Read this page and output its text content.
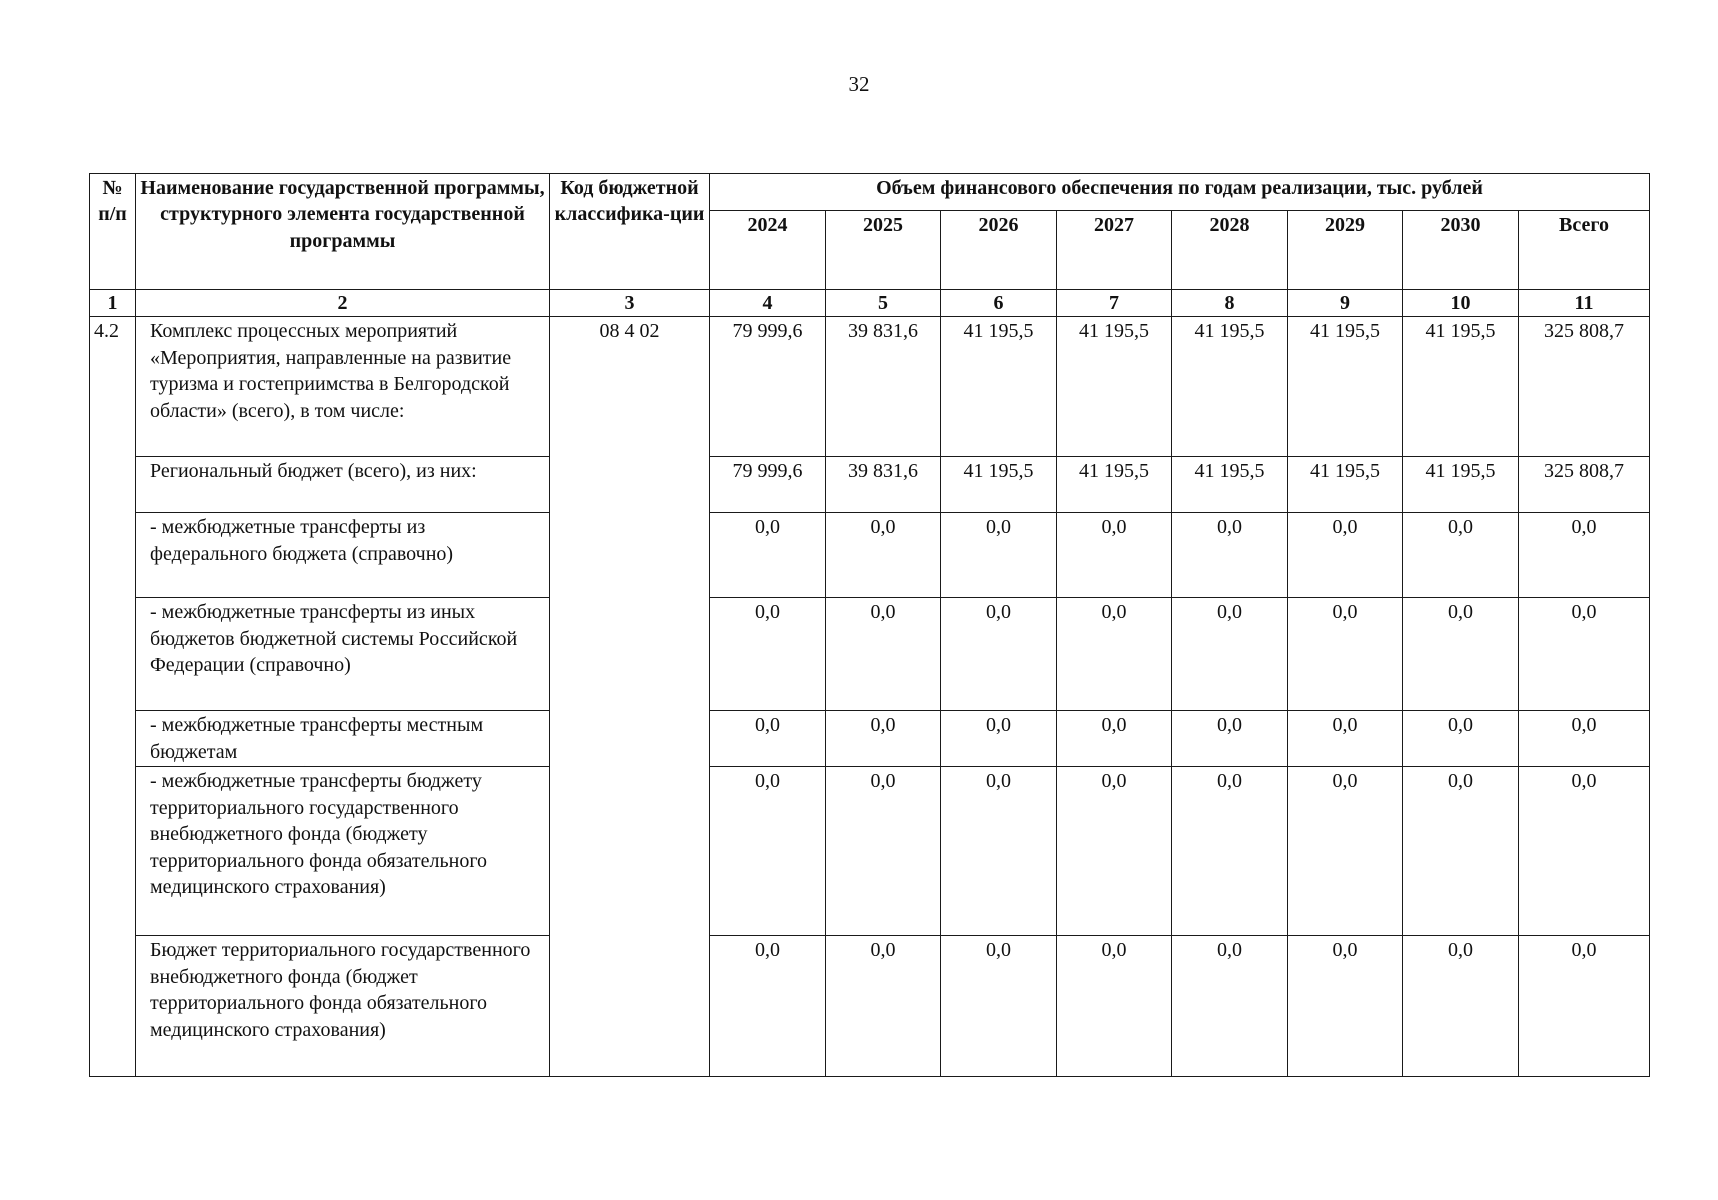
32
№ п/п	Наименование государственной программы, структурного элемента государственной программы	Код бюджетной классифика-ции	Объем финансового обеспечения по годам реализации, тыс. рублей							
			2024	2025	2026	2027	2028	2029	2030	Всего
1	2	3	4	5	6	7	8	9	10	11
4.2	Комплекс процессных мероприятий «Мероприятия, направленные на развитие туризма и гостеприимства в Белгородской области» (всего), в том числе:	08 4 02	79 999,6	39 831,6	41 195,5	41 195,5	41 195,5	41 195,5	41 195,5	325 808,7
	Региональный бюджет (всего), из них:		79 999,6	39 831,6	41 195,5	41 195,5	41 195,5	41 195,5	41 195,5	325 808,7
	- межбюджетные трансферты из федерального бюджета (справочно)		0,0	0,0	0,0	0,0	0,0	0,0	0,0	0,0
	- межбюджетные трансферты из иных бюджетов бюджетной системы Российской Федерации (справочно)		0,0	0,0	0,0	0,0	0,0	0,0	0,0	0,0
	- межбюджетные трансферты местным бюджетам		0,0	0,0	0,0	0,0	0,0	0,0	0,0	0,0
	- межбюджетные трансферты бюджету территориального государственного внебюджетного фонда (бюджету территориального фонда обязательного медицинского страхования)		0,0	0,0	0,0	0,0	0,0	0,0	0,0	0,0
	Бюджет территориального государственного внебюджетного фонда (бюджет территориального фонда обязательного медицинского страхования)		0,0	0,0	0,0	0,0	0,0	0,0	0,0	0,0
